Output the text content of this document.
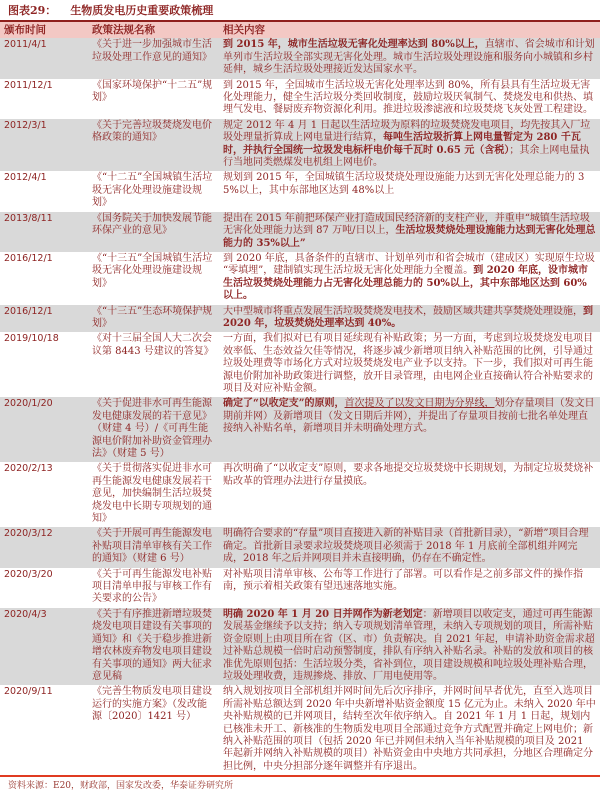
图表29： 生物质发电历史重要政策梳理
颁布时间	政策法规名称	相关内容
2011/4/1	《关于进一步加强城市生活垃圾处理工作意见的通知》	到 2015 年，城市生活垃圾无害化处理率达到 80%以上，直辖市、省会城市和计划单列市生活垃圾全部实现无害化处理。城市生活垃圾处理设施和服务向小城镇和乡村延伸，城乡生活垃圾处理接近发达国家水平。
2011/12/1	《国家环境保护“十二五”规划》	到 2015 年，全国城市生活垃圾无害化处理率达到 80%，所有县具有生活垃圾无害化处理能力，健全生活垃圾分类回收制度，鼓励垃圾厌氧制气、焚烧发电和供热、填埋气发电、餐厨废弃物资源化利用。推进垃圾渗滤液和垃圾焚烧飞灰处置工程建设。
2012/3/1	《关于完善垃圾焚烧发电价格政策的通知》	规定 2012 年 4 月 1 日起以生活垃圾为原料的垃圾焚烧发电项目，均先按其入厂垃圾处理量折算成上网电量进行结算，每吨生活垃圾折算上网电量暂定为 280 千瓦时，并执行全国统一垃圾发电标杆电价每千瓦时 0.65 元（含税）；其余上网电量执行当地同类燃煤发电机组上网电价。
2012/4/1	《“十二五”全国城镇生活垃圾无害化处理设施建设规划》	规划到 2015 年，全国城镇生活垃圾焚烧处理设施能力达到无害化处理总能力的 35%以上，其中东部地区达到 48%以上
2013/8/11	《国务院关于加快发展节能环保产业的意见》	提出在 2015 年前把环保产业打造成国民经济新的支柱产业，并重申“城镇生活垃圾无害化处理能力达到 87 万吨/日以上，生活垃圾焚烧处理设施能力达到无害化处理总能力的 35%以上”
2016/12/1	《“十三五”全国城镇生活垃圾无害化处理设施建设规划》	到 2020 年底，具备条件的直辖市、计划单列市和省会城市（建成区）实现原生垃圾“零填埋”，建制镇实现生活垃圾无害化处理能力全覆盖。到 2020 年底，设市城市生活垃圾焚烧处理能力占无害化处理总能力的 50%以上，其中东部地区达到 60%以上。
2016/12/1	《“十三五”生态环境保护规划》	大中型城市将重点发展生活垃圾焚烧发电技术，鼓励区域共建共享焚烧处理设施，到 2020 年，垃圾焚烧处理率达到 40%。
2019/10/18	《对十三届全国人大二次会议第 8443 号建议的答复》	一方面，我们拟对已有项目延续现有补贴政策；另一方面，考虑到垃圾焚烧发电项目效率低、生态效益欠佳等情况，将逐步减少新增项目纳入补贴范围的比例，引导通过垃圾处理费等市场化方式对垃圾焚烧发电产业予以支持。下一步，我们拟对可再生能源电价附加补助政策进行调整，放开目录管理，由电网企业直接确认符合补贴要求的项目及对应补贴金额。
2020/1/20	《关于促进非水可再生能源发电健康发展的若干意见》（财建 4 号）/《可再生能源电价附加补助资金管理办法》（财建 5 号）	确定了“以收定支”的原则，首次提及了以发文日期为分界线，划分存量项目（发文日期前并网）及新增项目（发文日期后并网），并提出了存量项目按前七批名单处理直接纳入补贴名单，新增项目并未明确处理方式。
2020/2/13	《关于贯彻落实促进非水可再生能源发电健康发展若干意见，加快编制生活垃圾焚烧发电中长期专项规划的通知》	再次明确了“以收定支”原则，要求各地提交垃圾焚烧中长期规划，为制定垃圾焚烧补贴改革的管理办法进行存量摸底。
2020/3/12	《关于开展可再生能源发电补贴项目清单审核有关工作的通知》（财建 6 号）	明确符合要求的“存量”项目直接进入新的补贴目录（首批新目录），“新增”项目合理确定。首批新目录要求垃圾焚烧项目必须需于 2018 年 1 月底前全部机组并网完成，2018 年之后并网项目并未直接明确，仍存在不确定性。
2020/3/20	《关于可再生能源发电补贴项目清单申报与审核工作有关要求的公告》	对补贴项目清单审核、公布等工作进行了部署。可以看作是之前多部文件的操作指南，预示着相关政策有望迅速落地实施。
2020/4/3	《关于有序推进新增垃圾焚烧发电项目建设有关事项的通知》和《关于稳步推进新增农林废弃物发电项目建设有关事项的通知》两大征求意见稿	明确 2020 年 1 月 20 日并网作为新老划定：新增项目以收定支，通过可再生能源发展基金继续予以支持；纳入专项规划清单管理，未纳入专项规划的项目，所需补贴资金原则上由项目所在省（区、市）负责解决。自 2021 年起，申请补助资金需求超过补贴总规模一倍时启动预警制度，排队有序纳入补贴名录。补贴的发放和项目的核准优先原则包括：生活垃圾分类，省补到位，项目建设规模和吨垃圾处理补贴合理，垃圾处理收费，违规掺烧、排放、厂用电使用等。
2020/9/11	《完善生物质发电项目建设运行的实施方案》（发改能源〔2020〕1421 号）	纳入规划按项目全部机组并网时间先后次序排序，并网时间早者优先，直至入选项目所需补贴总额达到 2020 年中央新增补贴资金额度 15 亿元为止。未纳入 2020 年中央补贴规模的已并网项目，结转至次年依序纳入。自 2021 年 1 月 1 日起，规划内已核准未开工、新核准的生物质发电项目全部通过竞争方式配置并确定上网电价；新纳入补贴范围的项目（包括 2020 年已并网但未纳入当年补贴规模的项目及 2021 年起新并网纳入补贴规模的项目）补贴资金由中央地方共同承担，分地区合理确定分担比例，中央分担部分逐年调整并有序退出。
资料来源：E20，财政部，国家发改委，华泰证券研究所
